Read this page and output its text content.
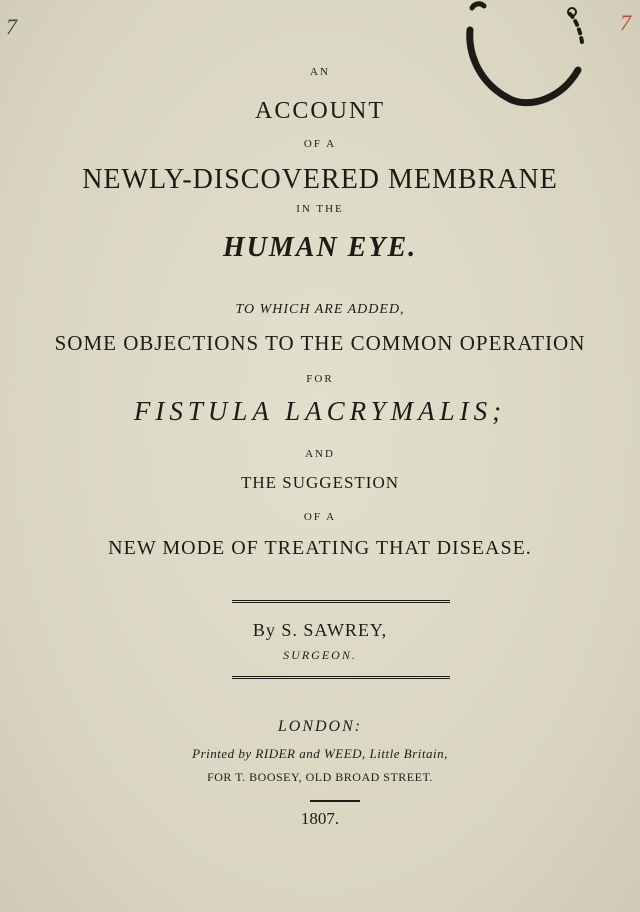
7	7

AN

ACCOUNT

OF A

NEWLY-DISCOVERED MEMBRANE

IN THE

HUMAN EYE.

TO WHICH ARE ADDED,

SOME OBJECTIONS TO THE COMMON OPERATION

FOR

FISTULA LACRYMALIS;

AND

THE SUGGESTION

OF A

NEW MODE OF TREATING THAT DISEASE.

By S. SAWREY,

SURGEON.

LONDON:

Printed by RIDER and WEED, Little Britain,

FOR T. BOOSEY, OLD BROAD STREET.

1807.
